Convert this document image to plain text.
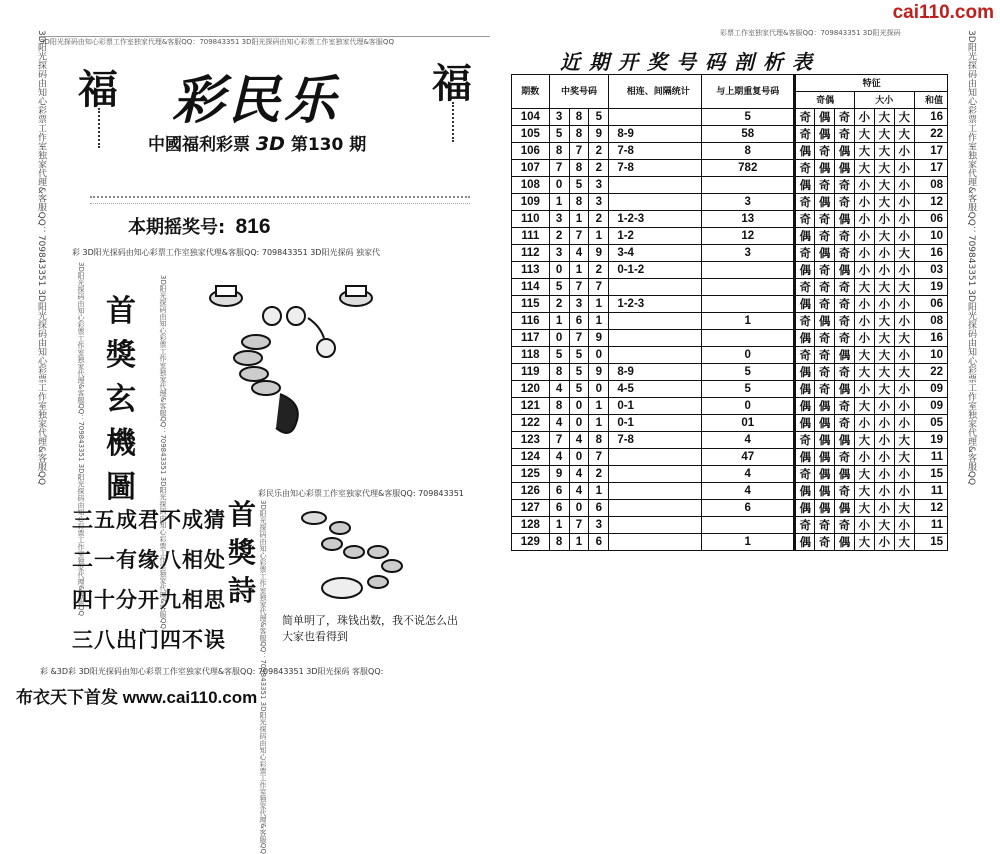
cai110.com
3D阳光探码由知心彩票工作室独家代理&客服QQ：709843351 3D阳光探码由知心彩票工作室独家代理&客服QQ	3D阳光探码由知心彩票工作室独家代理&客服QQ：709843351 3D阳光探码由知心彩票工作室独家代理&客服QQ
3D阳光探码由知心彩票工作室独家代理&客服QQ：709843351 3D阳光探码由知心彩票工作室独家代理&客服QQ
彩票工作室独家代理&客服QQ：709843351 3D阳光探码
福	福
彩民乐
中國福利彩票 3D 第130 期
本期摇奖号: 816
彩 3D阳光探码由知心彩票工作室独家代理&客服QQ: 709843351 3D阳光探码 独家代
3D阳光探码由知心彩票工作室独家代理&客服QQ：709843351 3D阳光探码由知心彩票工作室独家代理&客服QQ 首
獎
玄
機
圖	3D阳光探码由知心彩票工作室独家代理&客服QQ：709843351 3D阳光探码由知心彩票工作室独家代理&客服QQ	彩民乐由知心彩票工作室独家代理&客服QQ: 709843351
三五成君不成猜
二一有缘八相处
四十分开九相思
三八出门四不误
首
獎
詩 3D阳光探码由知心彩票工作室独家代理&客服QQ：709843351 3D阳光探码由知心彩票工作室独家代理&客服QQ 简单明了，珠钱出数，我不说怎么出大家也看得到
彩 &3D彩 3D阳光探码由知心彩票工作室独家代理&客服QQ: 709843351 3D阳光探码 客服QQ:
布衣天下首发 www.cai110.com
近期开奖号码剖析表
期数	中奖号码			相连、间隔统计	与上期重复号码	特征						
						奇偶			大小			和值
104	3	8	5		5	奇	偶	奇	小	大	大	16
105	5	8	9	8-9	58	奇	偶	奇	大	大	大	22
106	8	7	2	7-8	8	偶	奇	偶	大	大	小	17
107	7	8	2	7-8	782	奇	偶	偶	大	大	小	17
108	0	5	3			偶	奇	奇	小	大	小	08
109	1	8	3		3	奇	偶	奇	小	大	小	12
110	3	1	2	1-2-3	13	奇	奇	偶	小	小	小	06
111	2	7	1	1-2	12	偶	奇	奇	小	大	小	10
112	3	4	9	3-4	3	奇	偶	奇	小	小	大	16
113	0	1	2	0-1-2		偶	奇	偶	小	小	小	03
114	5	7	7			奇	奇	奇	大	大	大	19
115	2	3	1	1-2-3		偶	奇	奇	小	小	小	06
116	1	6	1		1	奇	偶	奇	小	大	小	08
117	0	7	9			偶	奇	奇	小	大	大	16
118	5	5	0		0	奇	奇	偶	大	大	小	10
119	8	5	9	8-9	5	偶	奇	奇	大	大	大	22
120	4	5	0	4-5	5	偶	奇	偶	小	大	小	09
121	8	0	1	0-1	0	偶	偶	奇	大	小	小	09
122	4	0	1	0-1	01	偶	偶	奇	小	小	小	05
123	7	4	8	7-8	4	奇	偶	偶	大	小	大	19
124	4	0	7		47	偶	偶	奇	小	小	大	11
125	9	4	2		4	奇	偶	偶	大	小	小	15
126	6	4	1		4	偶	偶	奇	大	小	小	11
127	6	0	6		6	偶	偶	偶	大	小	大	12
128	1	7	3			奇	奇	奇	小	大	小	11
129	8	1	6		1	偶	奇	偶	大	小	大	15
